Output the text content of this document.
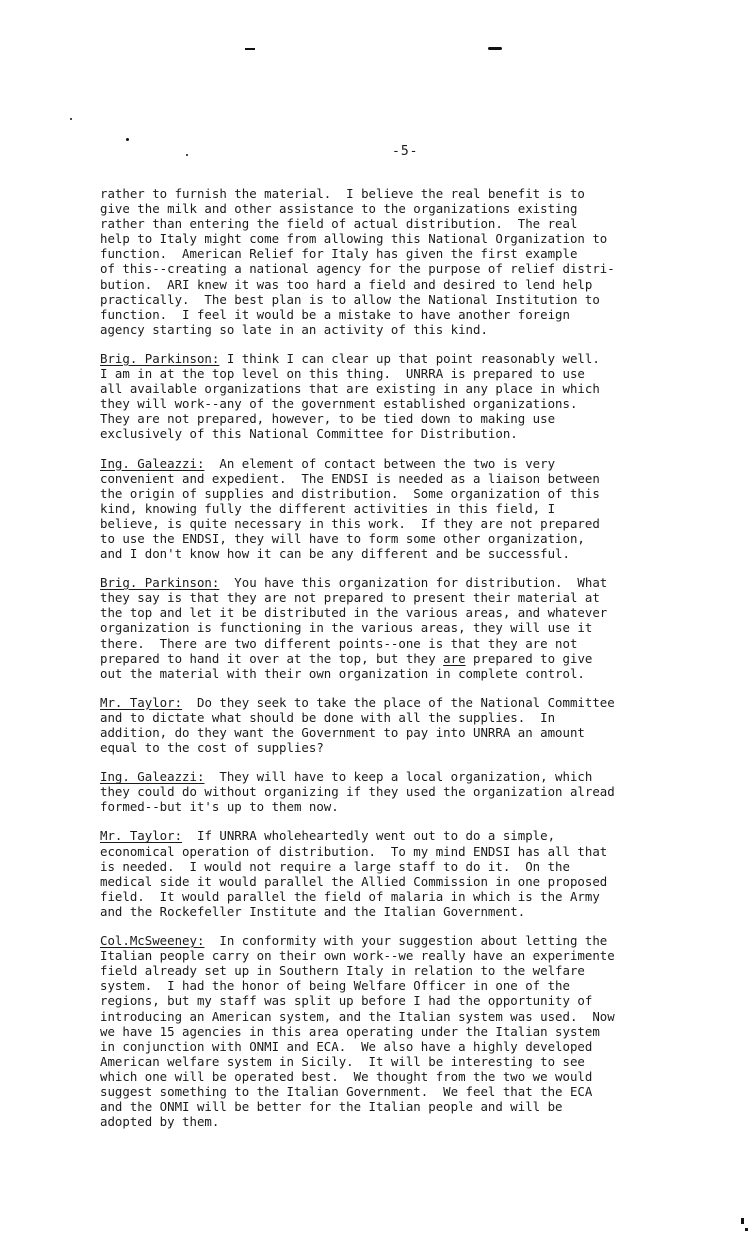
-5-
rather to furnish the material.  I believe the real benefit is to
give the milk and other assistance to the organizations existing
rather than entering the field of actual distribution.  The real
help to Italy might come from allowing this National Organization to
function.  American Relief for Italy has given the first example
of this--creating a national agency for the purpose of relief distri-
bution.  ARI knew it was too hard a field and desired to lend help
practically.  The best plan is to allow the National Institution to
function.  I feel it would be a mistake to have another foreign
agency starting so late in an activity of this kind.
Brig. Parkinson: I think I can clear up that point reasonably well.
I am in at the top level on this thing.  UNRRA is prepared to use
all available organizations that are existing in any place in which
they will work--any of the government established organizations.
They are not prepared, however, to be tied down to making use
exclusively of this National Committee for Distribution.
Ing. Galeazzi:  An element of contact between the two is very
convenient and expedient.  The ENDSI is needed as a liaison between
the origin of supplies and distribution.  Some organization of this
kind, knowing fully the different activities in this field, I
believe, is quite necessary in this work.  If they are not prepared
to use the ENDSI, they will have to form some other organization,
and I don't know how it can be any different and be successful.
Brig. Parkinson:  You have this organization for distribution.  What
they say is that they are not prepared to present their material at
the top and let it be distributed in the various areas, and whatever
organization is functioning in the various areas, they will use it
there.  There are two different points--one is that they are not
prepared to hand it over at the top, but they are prepared to give
out the material with their own organization in complete control.
Mr. Taylor:  Do they seek to take the place of the National Committee
and to dictate what should be done with all the supplies.  In
addition, do they want the Government to pay into UNRRA an amount
equal to the cost of supplies?
Ing. Galeazzi:  They will have to keep a local organization, which
they could do without organizing if they used the organization alread
formed--but it's up to them now.
Mr. Taylor:  If UNRRA wholeheartedly went out to do a simple,
economical operation of distribution.  To my mind ENDSI has all that
is needed.  I would not require a large staff to do it.  On the
medical side it would parallel the Allied Commission in one proposed
field.  It would parallel the field of malaria in which is the Army
and the Rockefeller Institute and the Italian Government.
Col.McSweeney:  In conformity with your suggestion about letting the
Italian people carry on their own work--we really have an experimente
field already set up in Southern Italy in relation to the welfare
system.  I had the honor of being Welfare Officer in one of the
regions, but my staff was split up before I had the opportunity of
introducing an American system, and the Italian system was used.  Now
we have 15 agencies in this area operating under the Italian system
in conjunction with ONMI and ECA.  We also have a highly developed
American welfare system in Sicily.  It will be interesting to see
which one will be operated best.  We thought from the two we would
suggest something to the Italian Government.  We feel that the ECA
and the ONMI will be better for the Italian people and will be
adopted by them.
